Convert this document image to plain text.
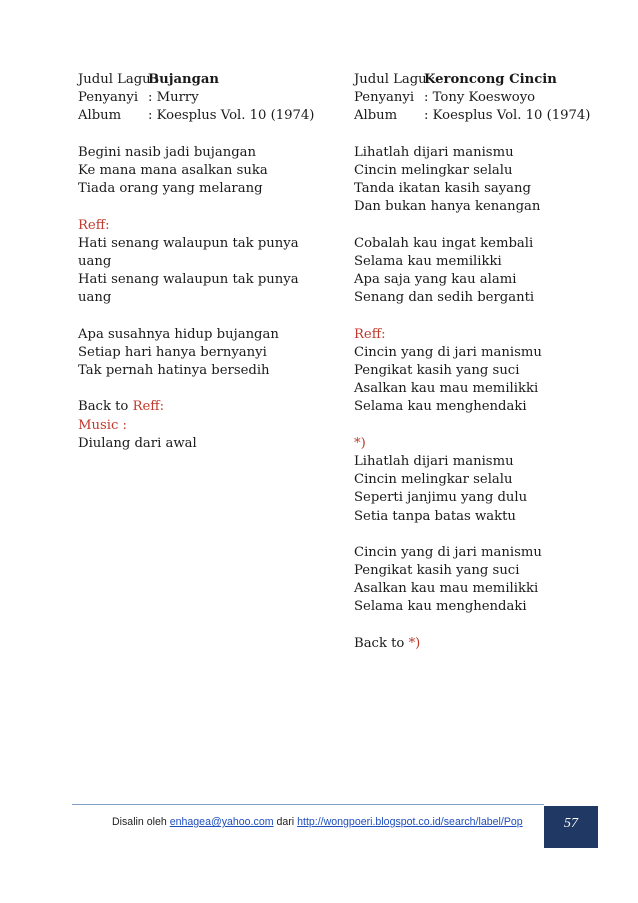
Judul Lagu :Bujangan
Penyanyi : Murry
Album : Koesplus Vol. 10 (1974)
Begini nasib jadi bujangan
Ke mana mana asalkan suka
Tiada orang yang melarang
Reff:
Hati senang walaupun tak punya
uang
Hati senang walaupun tak punya
uang
Apa susahnya hidup bujangan
Setiap hari hanya bernyanyi
Tak pernah hatinya bersedih
Back to Reff:
Music :
Diulang dari awal
Judul Lagu :Keroncong Cincin
Penyanyi : Tony Koeswoyo
Album : Koesplus Vol. 10 (1974)
Lihatlah dijari manismu
Cincin melingkar selalu
Tanda ikatan kasih sayang
Dan bukan hanya kenangan
Cobalah kau ingat kembali
Selama kau memilikki
Apa saja yang kau alami
Senang dan sedih berganti
Reff:
Cincin yang di jari manismu
Pengikat kasih yang suci
Asalkan kau mau memilikki
Selama kau menghendaki
*)
Lihatlah dijari manismu
Cincin melingkar selalu
Seperti janjimu yang dulu
Setia tanpa batas waktu
Cincin yang di jari manismu
Pengikat kasih yang suci
Asalkan kau mau memilikki
Selama kau menghendaki
Back to *)
Disalin oleh enhagea@yahoo.com dari http://wongpoeri.blogspot.co.id/search/label/Pop	57
